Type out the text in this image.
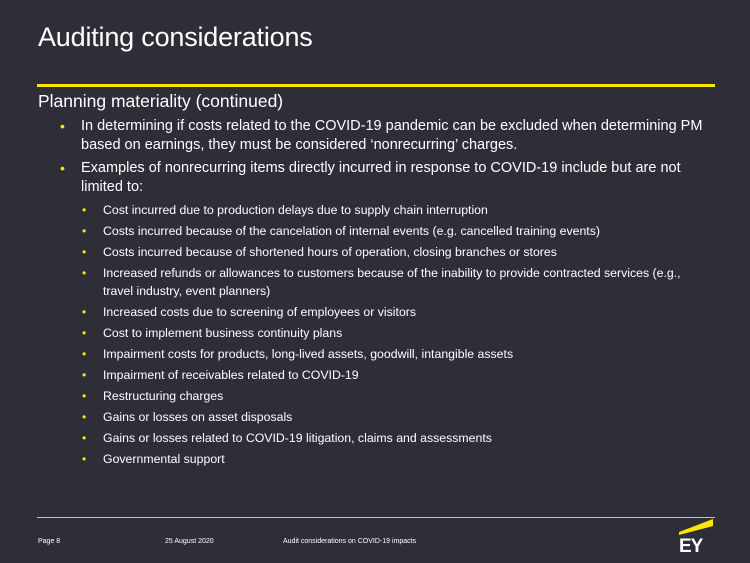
Auditing considerations
Planning materiality (continued)
• In determining if costs related to the COVID-19 pandemic can be excluded when determining PM based on earnings, they must be considered ‘nonrecurring’ charges.
• Examples of nonrecurring items directly incurred in response to COVID-19 include but are not limited to:
• Cost incurred due to production delays due to supply chain interruption
• Costs incurred because of the cancelation of internal events (e.g. cancelled training events)
• Costs incurred because of shortened hours of operation, closing branches or stores
• Increased refunds or allowances to customers because of the inability to provide contracted services (e.g., travel industry, event planners)
• Increased costs due to screening of employees or visitors
• Cost to implement business continuity plans
• Impairment costs for products, long-lived assets, goodwill, intangible assets
• Impairment of receivables related to COVID-19
• Restructuring charges
• Gains or losses on asset disposals
• Gains or losses related to COVID-19 litigation, claims and assessments
• Governmental support
Page 8	25 August 2020	Audit considerations on COVID-19 impacts	EY
